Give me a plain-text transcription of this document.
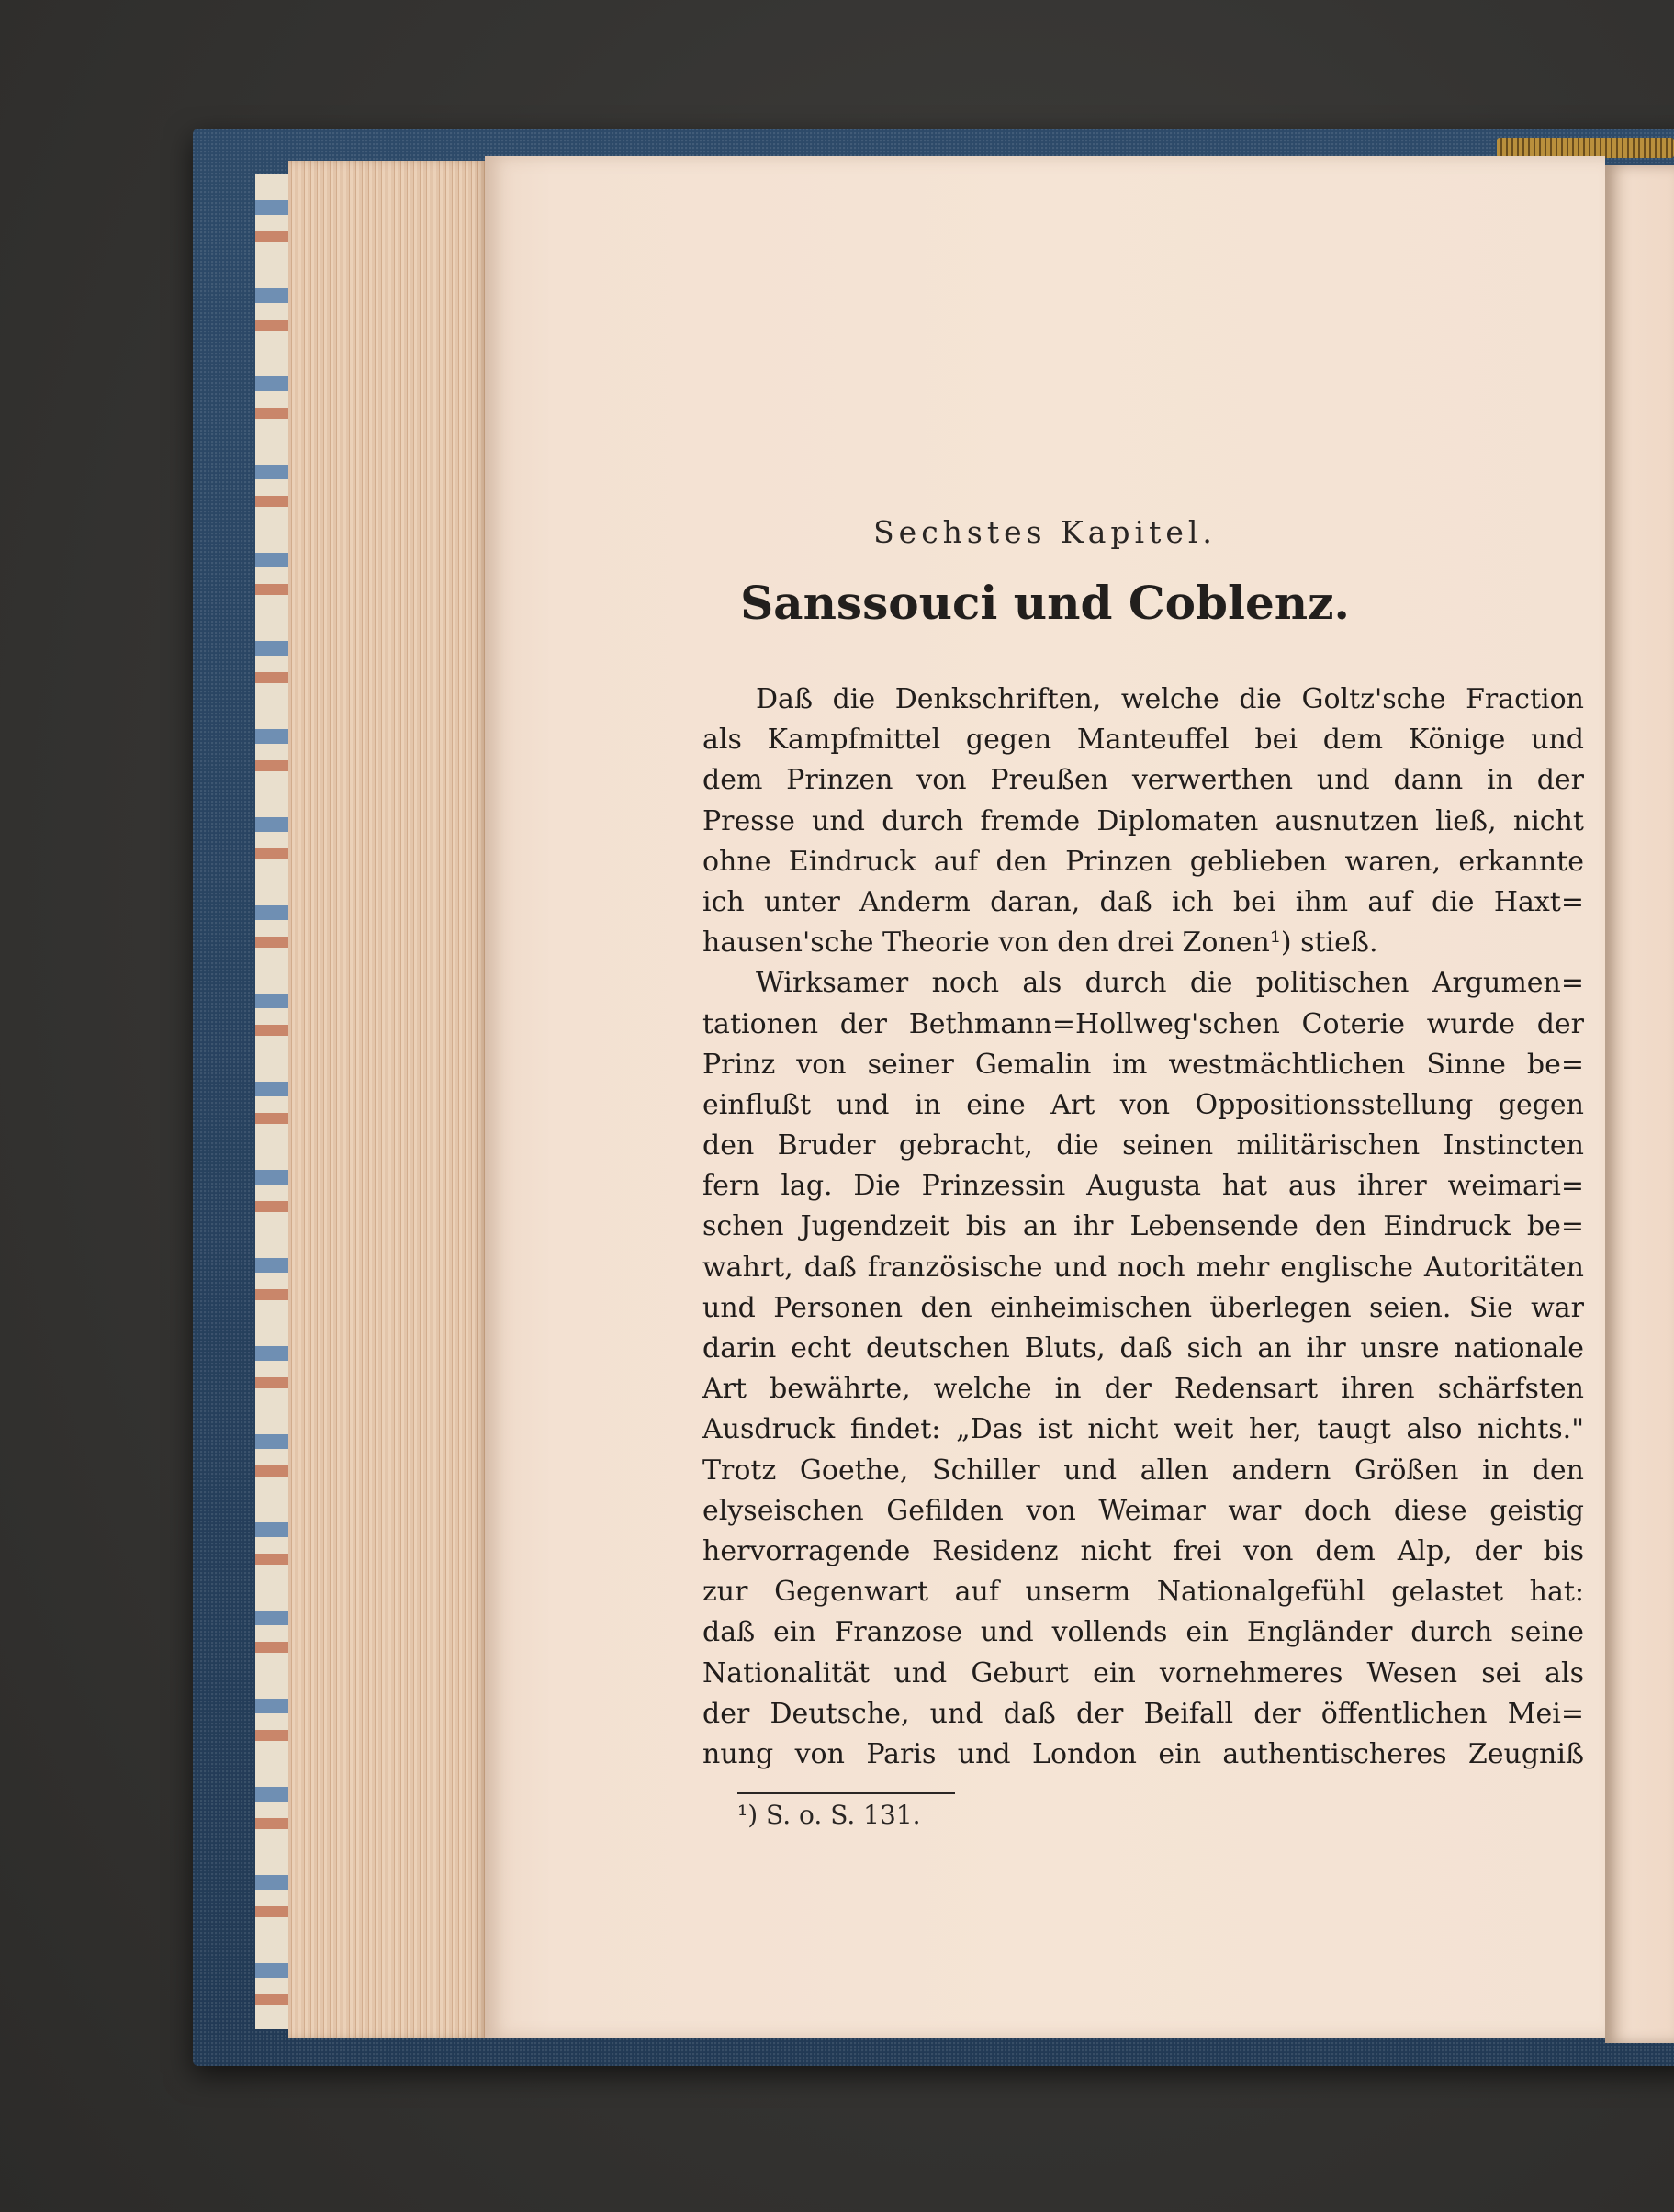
Sechstes Kapitel.
Sanssouci und Coblenz.
Daß die Denkschriften, welche die Goltz'sche Fraction
als Kampfmittel gegen Manteuffel bei dem Könige und
dem Prinzen von Preußen verwerthen und dann in der
Presse und durch fremde Diplomaten ausnutzen ließ, nicht
ohne Eindruck auf den Prinzen geblieben waren, erkannte
ich unter Anderm daran, daß ich bei ihm auf die Haxt=
hausen'sche Theorie von den drei Zonen¹) stieß.
Wirksamer noch als durch die politischen Argumen=
tationen der Bethmann=Hollweg'schen Coterie wurde der
Prinz von seiner Gemalin im westmächtlichen Sinne be=
einflußt und in eine Art von Oppositionsstellung gegen
den Bruder gebracht, die seinen militärischen Instincten
fern lag. Die Prinzessin Augusta hat aus ihrer weimari=
schen Jugendzeit bis an ihr Lebensende den Eindruck be=
wahrt, daß französische und noch mehr englische Autoritäten
und Personen den einheimischen überlegen seien. Sie war
darin echt deutschen Bluts, daß sich an ihr unsre nationale
Art bewährte, welche in der Redensart ihren schärfsten
Ausdruck findet: „Das ist nicht weit her, taugt also nichts."
Trotz Goethe, Schiller und allen andern Größen in den
elyseischen Gefilden von Weimar war doch diese geistig
hervorragende Residenz nicht frei von dem Alp, der bis
zur Gegenwart auf unserm Nationalgefühl gelastet hat:
daß ein Franzose und vollends ein Engländer durch seine
Nationalität und Geburt ein vornehmeres Wesen sei als
der Deutsche, und daß der Beifall der öffentlichen Mei=
nung von Paris und London ein authentischeres Zeugniß
¹) S. o. S. 131.
